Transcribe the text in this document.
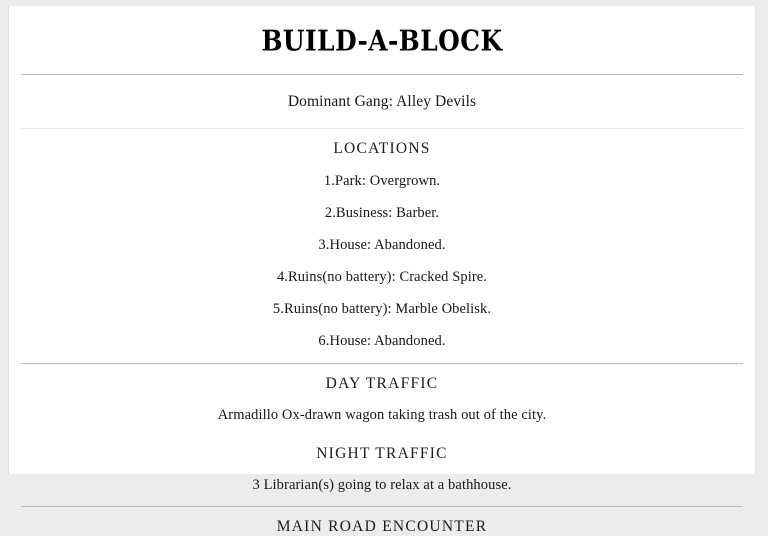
BUILD-A-BLOCK
Dominant Gang: Alley Devils
LOCATIONS
1.Park: Overgrown.
2.Business: Barber.
3.House: Abandoned.
4.Ruins(no battery): Cracked Spire.
5.Ruins(no battery): Marble Obelisk.
6.House: Abandoned.
DAY TRAFFIC
Armadillo Ox-drawn wagon taking trash out of the city.
NIGHT TRAFFIC
3 Librarian(s) going to relax at a bathhouse.
MAIN ROAD ENCOUNTER
